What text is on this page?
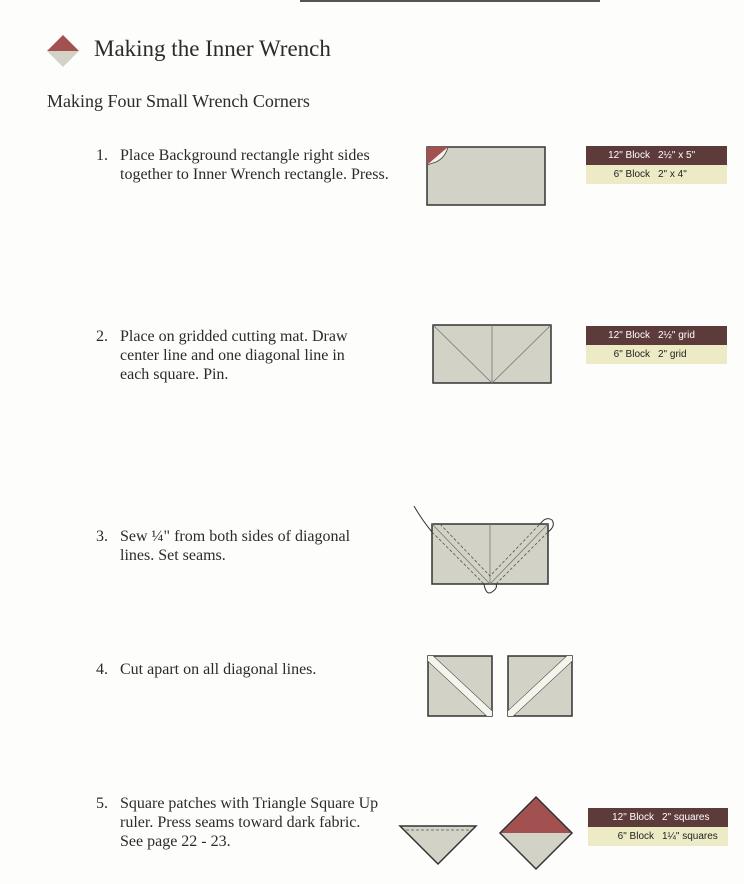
Making the Inner Wrench
Making Four Small Wrench Corners
1. Place Background rectangle right sides
together to Inner Wrench rectangle. Press.
12" Block 2½" x 5"
6" Block 2" x 4"
2. Place on gridded cutting mat. Draw
center line and one diagonal line in
each square. Pin.
12" Block 2½" grid
6" Block 2" grid
3. Sew ¼" from both sides of diagonal
lines. Set seams.
4. Cut apart on all diagonal lines.
5. Square patches with Triangle Square Up
ruler. Press seams toward dark fabric.
See page 22 - 23.
12" Block 2" squares
6" Block 1¼" squares
